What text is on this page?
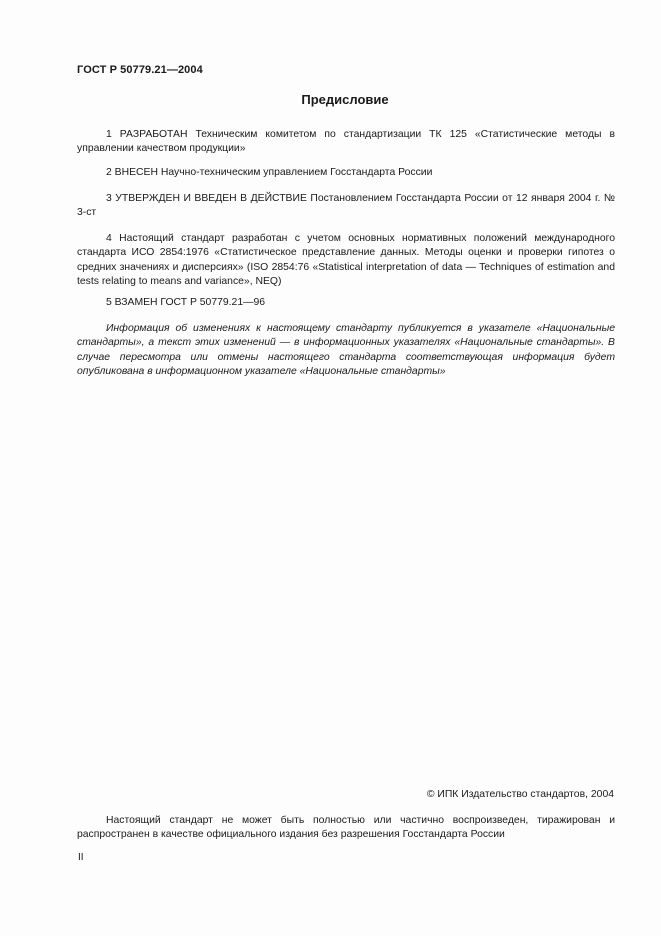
ГОСТ Р 50779.21—2004
Предисловие

1 РАЗРАБОТАН Техническим комитетом по стандартизации ТК 125 «Статистические методы в управлении качеством продукции»

2 ВНЕСЕН Научно-техническим управлением Госстандарта России

3 УТВЕРЖДЕН И ВВЕДЕН В ДЕЙСТВИЕ Постановлением Госстандарта России от 12 января 2004 г. № 3-ст

4 Настоящий стандарт разработан с учетом основных нормативных положений международного стандарта ИСО 2854:1976 «Статистическое представление данных. Методы оценки и проверки гипотез о средних значениях и дисперсиях» (ISO 2854:76 «Statistical interpretation of data — Techniques of estimation and tests relating to means and variance», NEQ)

5 ВЗАМЕН ГОСТ Р 50779.21—96

Информация об изменениях к настоящему стандарту публикуется в указателе «Национальные стандарты», а текст этих изменений — в информационных указателях «Национальные стандарты». В случае пересмотра или отмены настоящего стандарта соответствующая информация будет опубликована в информационном указателе «Национальные стандарты»

© ИПК Издательство стандартов, 2004

Настоящий стандарт не может быть полностью или частично воспроизведен, тиражирован и распространен в качестве официального издания без разрешения Госстандарта России

II
